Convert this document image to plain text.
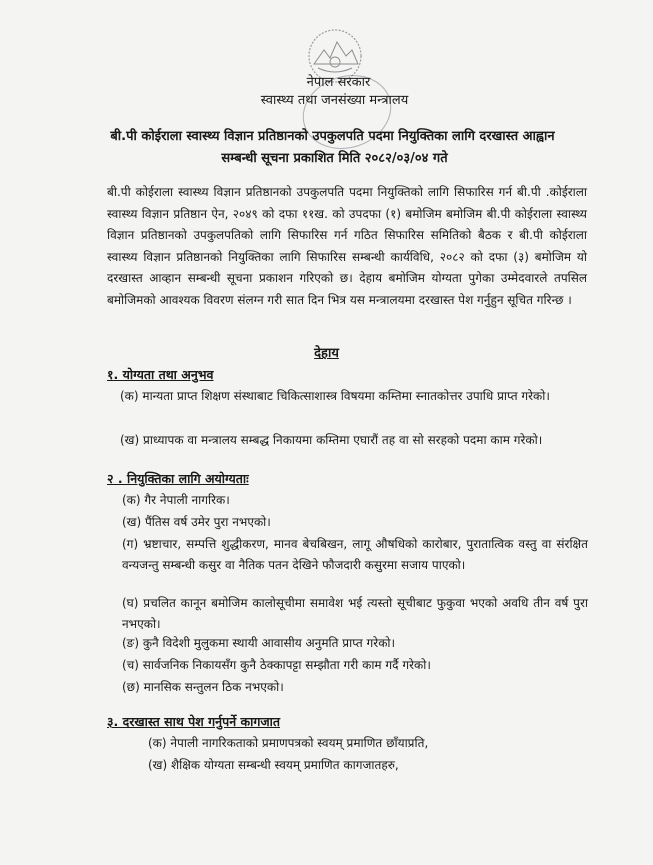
नेपाल सरकार
स्वास्थ्य तथा जनसंख्या मन्त्रालय
बी.पी कोईराला स्वास्थ्य विज्ञान प्रतिष्ठानको उपकुलपति पदमा नियुक्तिका लागि दरखास्त आह्वान
सम्बन्धी सूचना प्रकाशित मिति २०८२/०३/०४ गते
बी.पी कोईराला स्वास्थ्य विज्ञान प्रतिष्ठानको उपकुलपति पदमा नियुक्तिको लागि सिफारिस गर्न बी.पी .कोईराला स्वास्थ्य विज्ञान प्रतिष्ठान ऐन, २०४९ को दफा ११ख. को उपदफा (१) बमोजिम बमोजिम बी.पी कोईराला स्वास्थ्य विज्ञान प्रतिष्ठानको उपकुलपतिको लागि सिफारिस गर्न गठित सिफारिस समितिको बैठक र बी.पी कोईराला स्वास्थ्य विज्ञान प्रतिष्ठानको नियुक्तिका लागि सिफारिस सम्बन्धी कार्यविधि, २०८२ को दफा (३) बमोजिम यो दरखास्त आव्हान सम्बन्धी सूचना प्रकाशन गरिएको छ। देहाय बमोजिम योग्यता पुगेका उम्मेदवारले तपसिल बमोजिमको आवश्यक विवरण संलग्न गरी सात दिन भित्र यस मन्त्रालयमा दरखास्त पेश गर्नुहुन सूचित गरिन्छ ।
देहाय
१. योग्यता तथा अनुभव
(क) मान्यता प्राप्त शिक्षण संस्थाबाट चिकित्साशास्त्र विषयमा कम्तिमा स्नातकोत्तर उपाधि प्राप्त गरेको।
(ख) प्राध्यापक वा मन्त्रालय सम्बद्ध निकायमा कम्तिमा एघारौं तह वा सो सरहको पदमा काम गरेको।
२ . नियुक्तिका लागि अयोग्यताः
(क) गैर नेपाली नागरिक।
(ख) पैंतिस वर्ष उमेर पुरा नभएको।
(ग) भ्रष्टाचार, सम्पत्ति शुद्धीकरण, मानव बेचबिखन, लागू औषधिको कारोबार, पुरातात्विक वस्तु वा संरक्षित वन्यजन्तु सम्बन्धी कसुर वा नैतिक पतन देखिने फौजदारी कसुरमा सजाय पाएको।
(घ) प्रचलित कानून बमोजिम कालोसूचीमा समावेश भई त्यस्तो सूचीबाट फुकुवा भएको अवधि तीन वर्ष पुरा नभएको।
(ङ) कुनै विदेशी मुलुकमा स्थायी आवासीय अनुमति प्राप्त गरेको।
(च) सार्वजनिक निकायसँग कुनै ठेक्कापट्टा सम्झौता गरी काम गर्दै गरेको।
(छ) मानसिक सन्तुलन ठिक नभएको।
३. दरखास्त साथ पेश गर्नुपर्ने कागजात
(क) नेपाली नागरिकताको प्रमाणपत्रको स्वयम् प्रमाणित छाँयाप्रति,
(ख) शैक्षिक योग्यता सम्बन्धी स्वयम् प्रमाणित कागजातहरु,
